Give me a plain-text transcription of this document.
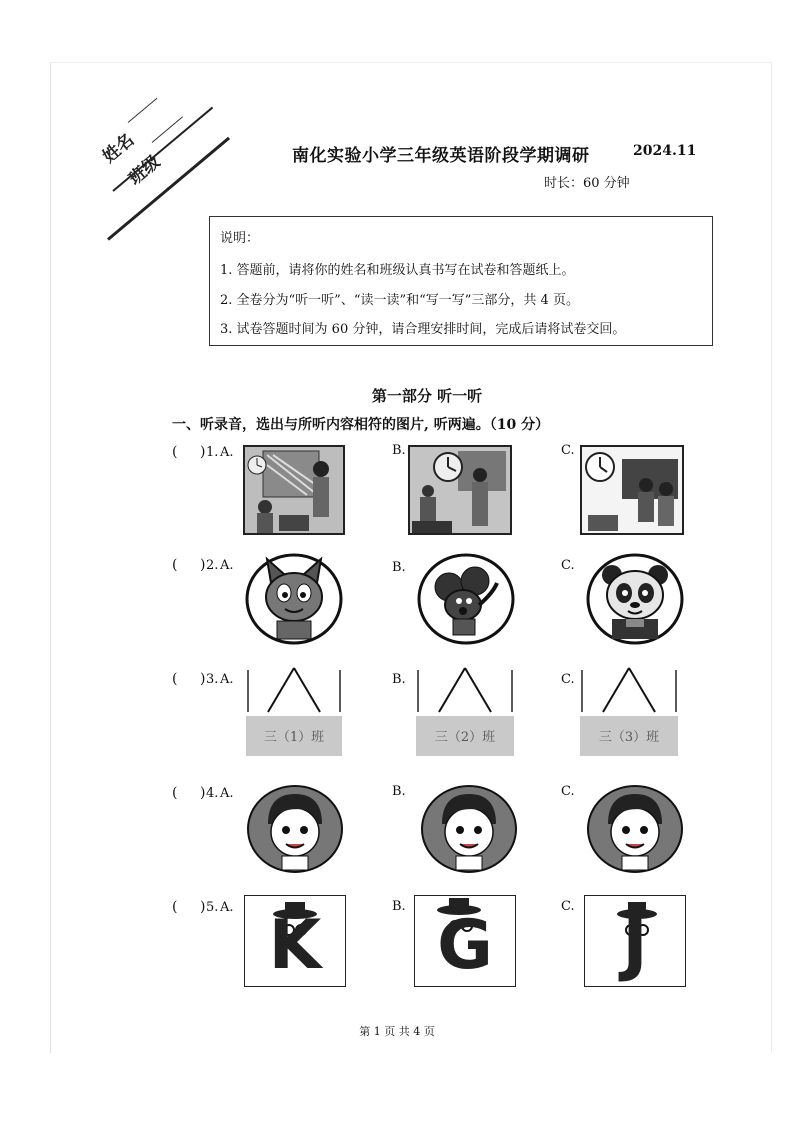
姓名
班级	南化实验小学三年级英语阶段学期调研	2024.11
时长：60 分钟
说明：
1. 答题前，请将你的姓名和班级认真书写在试卷和答题纸上。
2. 全卷分为“听一听”、“读一读”和“写一写”三部分，共 4 页。
3. 试卷答题时间为 60 分钟，请合理安排时间，完成后请将试卷交回。
第一部分 听一听
一、听录音，选出与所听内容相符的图片, 听两遍。（10 分）
( ) 1. A.	B.	C.
( ) 2. A.	B.	C.
( ) 3. A.	B.	C.
三（1）班	三（2）班	三（3）班
( ) 4. A.	B.	C.
( ) 5. A.	B.	C.
K	G	J
第 1 页 共 4 页
